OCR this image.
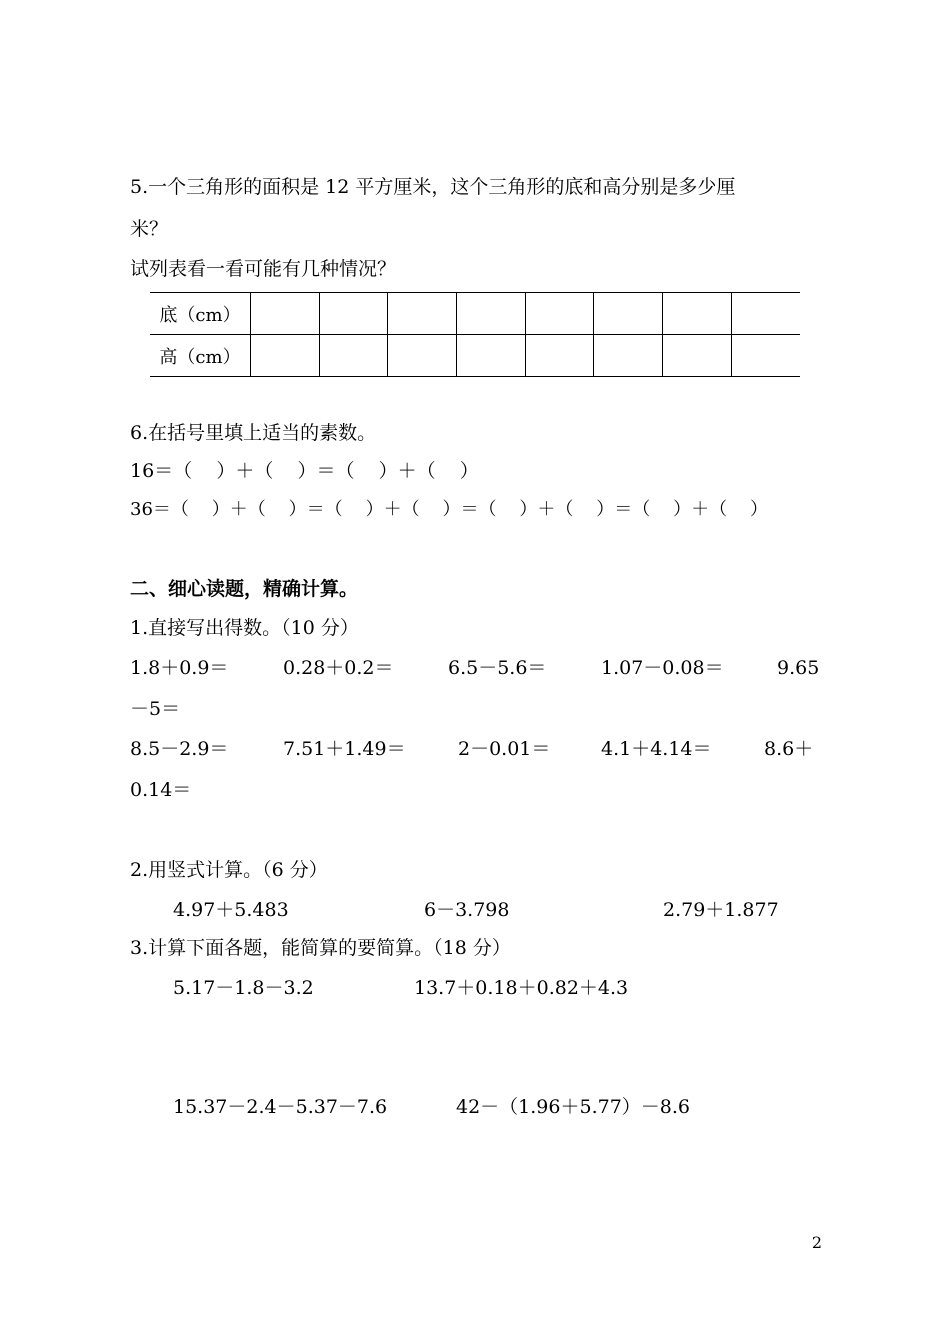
5.一个三角形的面积是 12 平方厘米，这个三角形的底和高分别是多少厘
米？
试列表看一看可能有几种情况？
底（cm）								
高（cm）								
6.在括号里填上适当的素数。
16＝（    ）＋（    ）＝（    ）＋（    ）
36＝（    ）＋（    ）＝（    ）＋（    ）＝（    ）＋（    ）＝（    ）＋（    ）
二、细心读题，精确计算。
1.直接写出得数。（10 分）
1.8＋0.9＝	0.28＋0.2＝	6.5－5.6＝	1.07－0.08＝	9.65
－5＝
8.5－2.9＝	7.51＋1.49＝	2－0.01＝	4.1＋4.14＝	8.6＋
0.14＝
2.用竖式计算。（6 分）
4.97＋5.483	6－3.798	2.79＋1.877
3.计算下面各题，能简算的要简算。（18 分）
5.17－1.8－3.2	13.7＋0.18＋0.82＋4.3
15.37－2.4－5.37－7.6	42－（1.96＋5.77）－8.6
2
